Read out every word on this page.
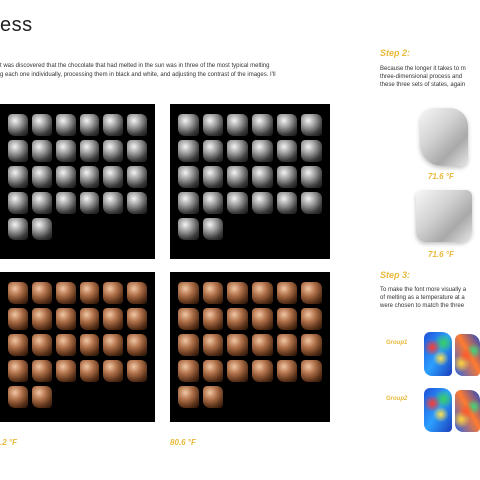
ess
t was discovered that the chocolate that had melted in the sun was in three of the most typical melting
g each one individually, processing them in black and white, and adjusting the contrast of the images. I'll
.2 °F	80.6 °F
Step 2:
Because the longer it takes to m
three-dimensional process and
these three sets of states, again
71.6 °F
71.6 °F
Step 3:
To make the font more visually a
of melting as a temperature at a
were chosen to match the three
Group1
Group2
